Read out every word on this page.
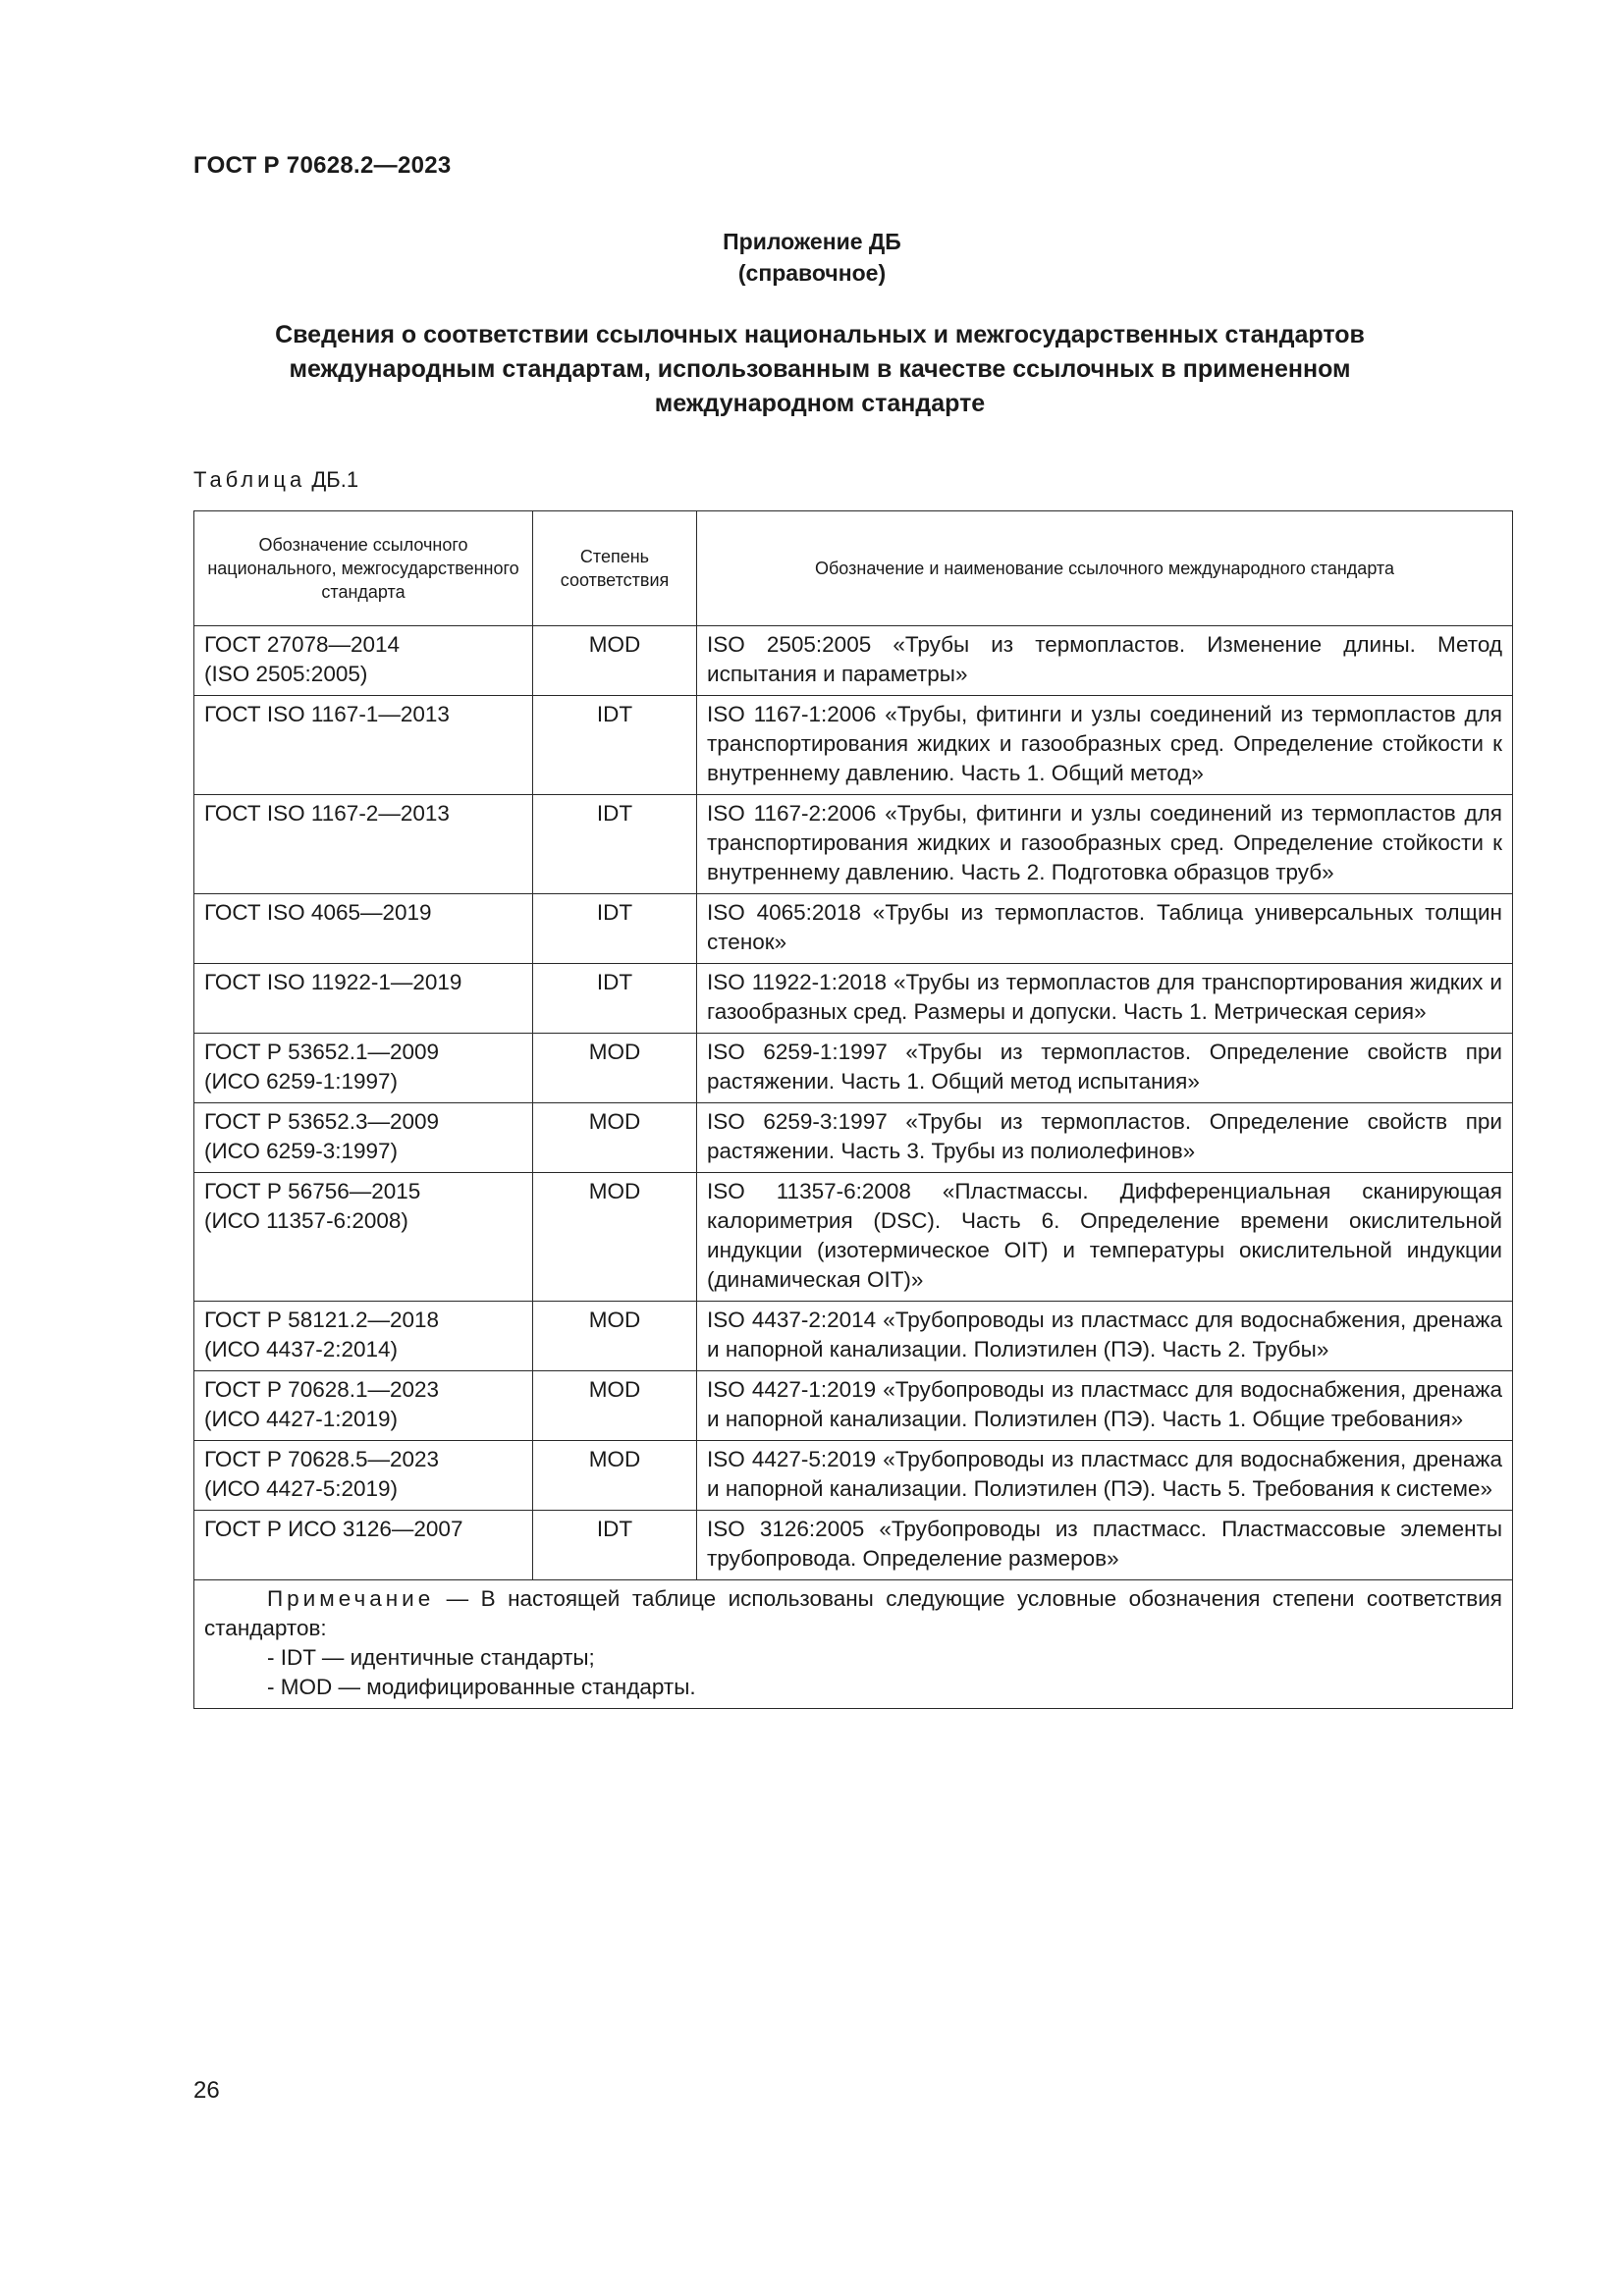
ГОСТ Р 70628.2—2023
Приложение ДБ
(справочное)
Сведения о соответствии ссылочных национальных и межгосударственных стандартов
международным стандартам, использованным в качестве ссылочных в примененном
международном стандарте
Таблица ДБ.1
Обозначение ссылочного национального, межгосударственного стандарта	Степень соответствия	Обозначение и наименование ссылочного международного стандарта

ГОСТ 27078—2014
(ISO 2505:2005)	MOD	ISO 2505:2005 «Трубы из термопластов. Изменение длины. Метод испытания и параметры»

ГОСТ ISO 1167-1—2013	IDT	ISO 1167-1:2006 «Трубы, фитинги и узлы соединений из термопластов для транспортирования жидких и газообразных сред. Определение стойкости к внутреннему давлению. Часть 1. Общий метод»

ГОСТ ISO 1167-2—2013	IDT	ISO 1167-2:2006 «Трубы, фитинги и узлы соединений из термопластов для транспортирования жидких и газообразных сред. Определение стойкости к внутреннему давлению. Часть 2. Подготовка образцов труб»

ГОСТ ISO 4065—2019	IDT	ISO 4065:2018 «Трубы из термопластов. Таблица универсальных толщин стенок»

ГОСТ ISO 11922-1—2019	IDT	ISO 11922-1:2018 «Трубы из термопластов для транспортирования жидких и газообразных сред. Размеры и допуски. Часть 1. Метрическая серия»

ГОСТ Р 53652.1—2009
(ИСО 6259-1:1997)	MOD	ISO 6259-1:1997 «Трубы из термопластов. Определение свойств при растяжении. Часть 1. Общий метод испытания»

ГОСТ Р 53652.3—2009
(ИСО 6259-3:1997)	MOD	ISO 6259-3:1997 «Трубы из термопластов. Определение свойств при растяжении. Часть 3. Трубы из полиолефинов»

ГОСТ Р 56756—2015
(ИСО 11357-6:2008)	MOD	ISO 11357-6:2008 «Пластмассы. Дифференциальная сканирующая калориметрия (DSC). Часть 6. Определение времени окислительной индукции (изотермическое OIT) и температуры окислительной индукции (динамическая OIT)»

ГОСТ Р 58121.2—2018
(ИСО 4437-2:2014)	MOD	ISO 4437-2:2014 «Трубопроводы из пластмасс для водоснабжения, дренажа и напорной канализации. Полиэтилен (ПЭ). Часть 2. Трубы»

ГОСТ Р 70628.1—2023
(ИСО 4427-1:2019)	MOD	ISO 4427-1:2019 «Трубопроводы из пластмасс для водоснабжения, дренажа и напорной канализации. Полиэтилен (ПЭ). Часть 1. Общие требования»

ГОСТ Р 70628.5—2023
(ИСО 4427-5:2019)	MOD	ISO 4427-5:2019 «Трубопроводы из пластмасс для водоснабжения, дренажа и напорной канализации. Полиэтилен (ПЭ). Часть 5. Требования к системе»

ГОСТ Р ИСО 3126—2007	IDT	ISO 3126:2005 «Трубопроводы из пластмасс. Пластмассовые элементы трубопровода. Определение размеров»
Примечание — В настоящей таблице использованы следующие условные обозначения степени соответствия стандартов:
- IDT — идентичные стандарты;
- MOD — модифицированные стандарты.		
26
